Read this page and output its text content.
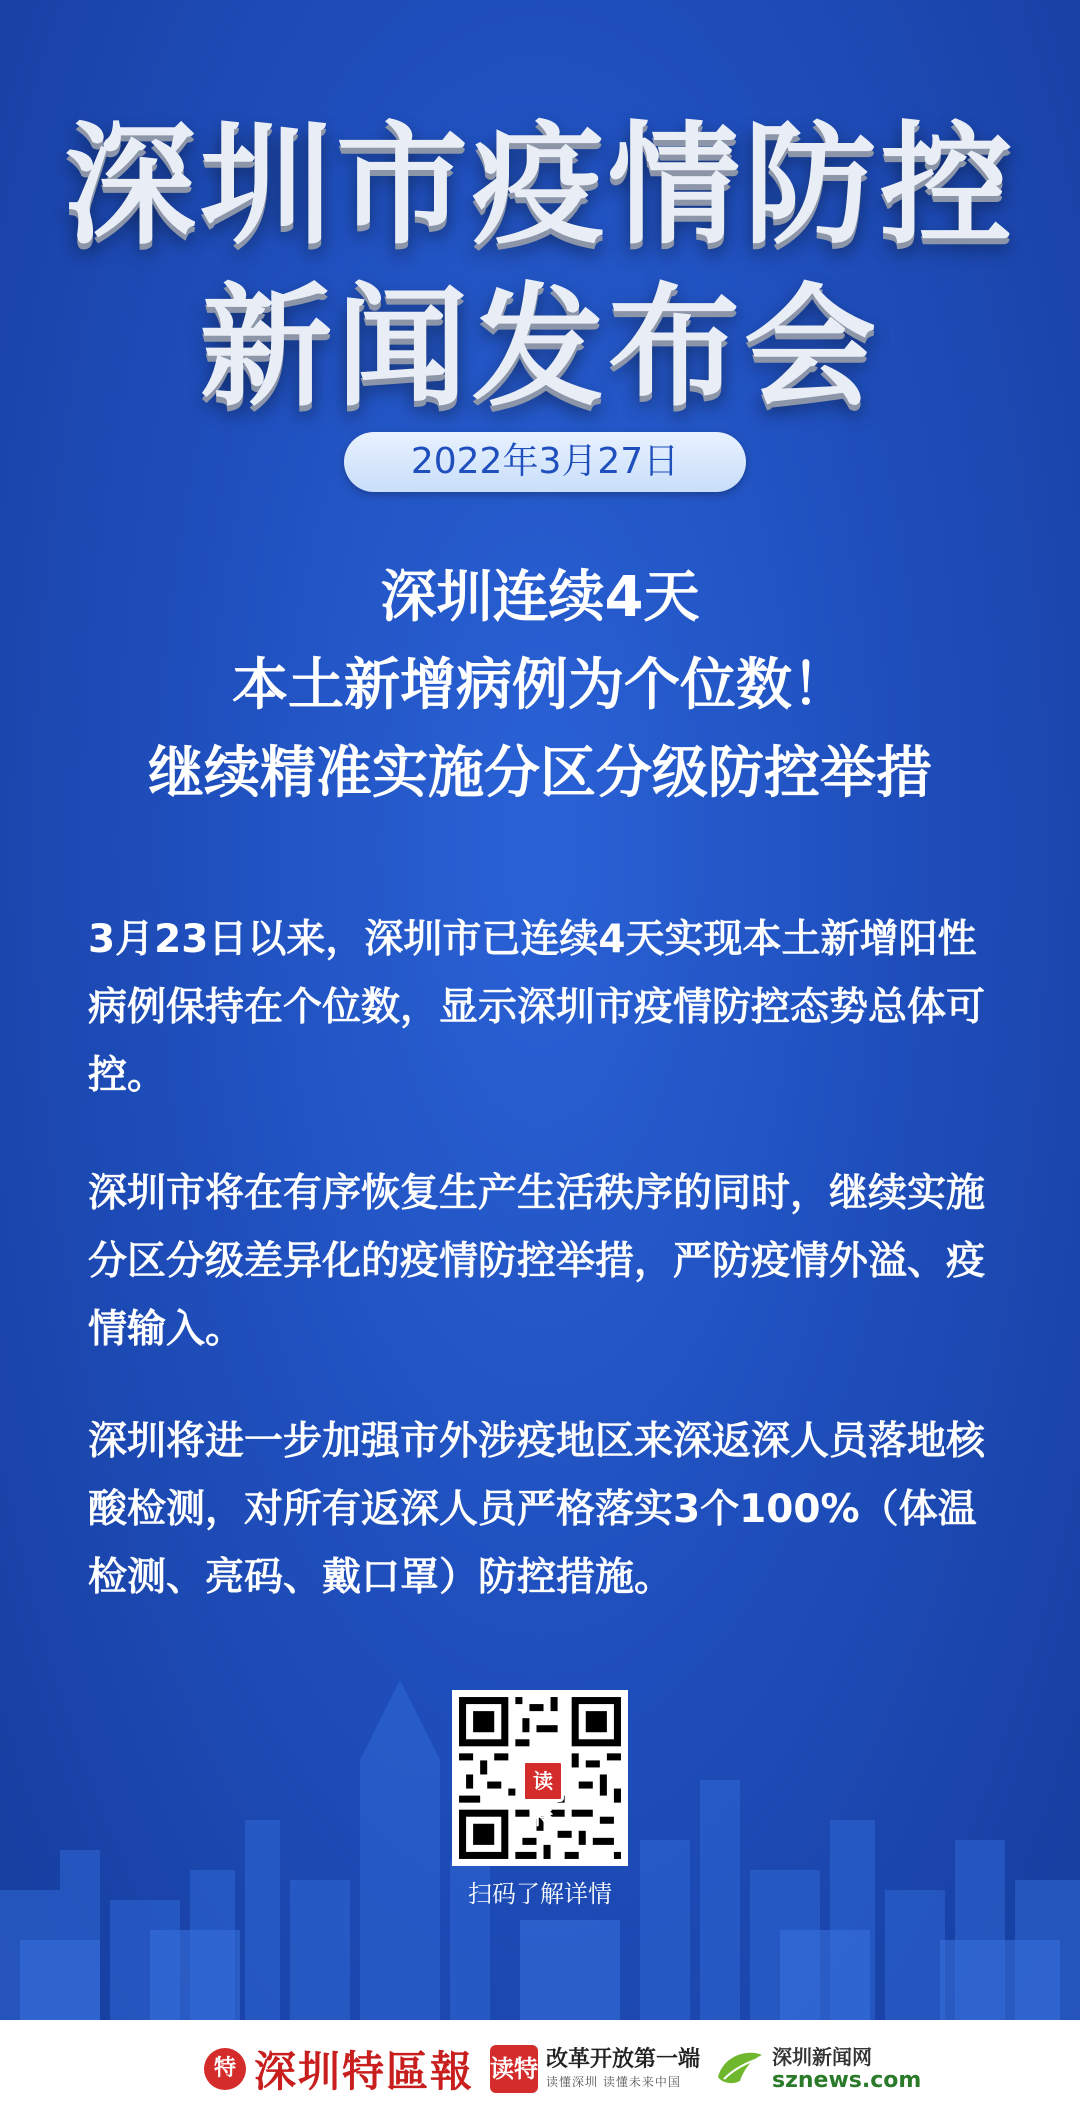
深圳市疫情防控
新闻发布会
2022年3月27日
深圳连续4天
本土新增病例为个位数！
继续精准实施分区分级防控举措

3月23日以来，深圳市已连续4天实现本土新增阳性病例保持在个位数，显示深圳市疫情防控态势总体可控。

深圳市将在有序恢复生产生活秩序的同时，继续实施分区分级差异化的疫情防控举措，严防疫情外溢、疫情输入。

深圳将进一步加强市外涉疫地区来深返深人员落地核酸检测，对所有返深人员严格落实3个100%（体温检测、亮码、戴口罩）防控措施。

读特
扫码了解详情
特 深圳特區報 读特 改革开放第一端
读懂深圳 读懂未来中国
深圳新闻网
sznews.com
